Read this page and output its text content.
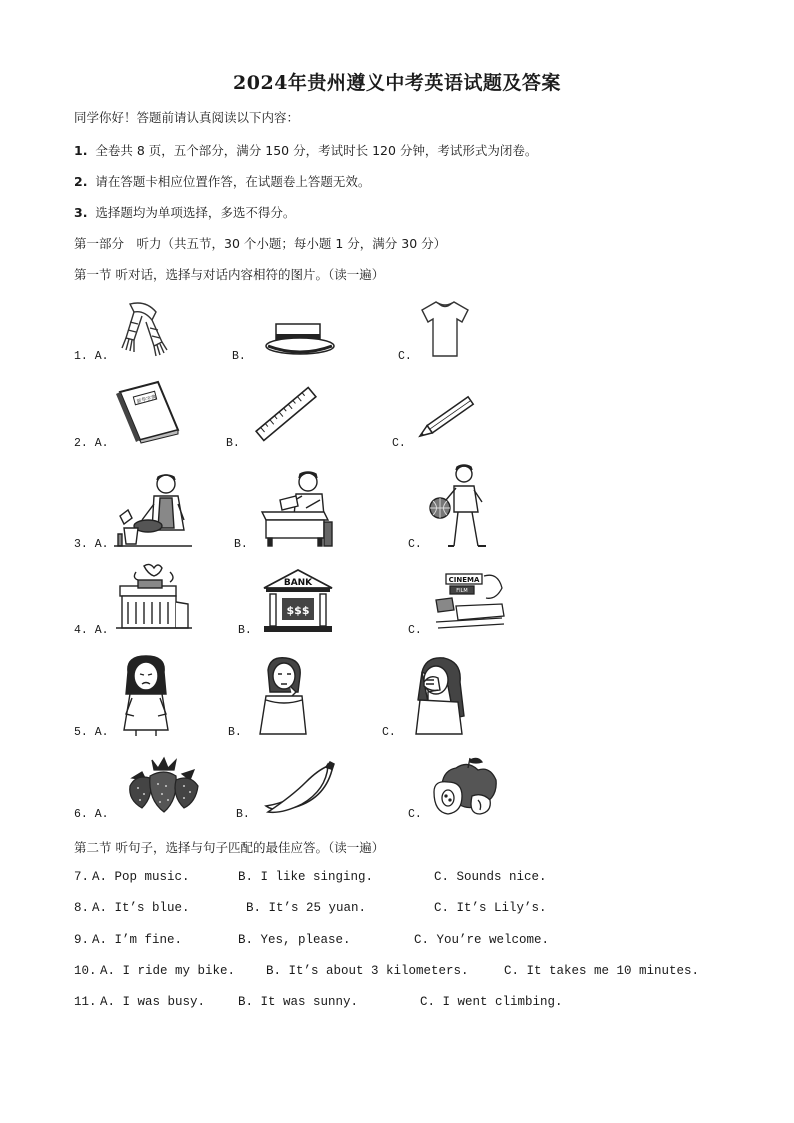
2024年贵州遵义中考英语试题及答案
同学你好！答题前请认真阅读以下内容：
1. 全卷共 8 页，五个部分，满分 150 分，考试时长 120 分钟，考试形式为闭卷。
2. 请在答题卡相应位置作答，在试题卷上答题无效。
3. 选择题均为单项选择，多选不得分。
第一部分　听力（共五节，30 个小题；每小题 1 分，满分 30 分）
第一节 听对话，选择与对话内容相符的图片。（读一遍）
1. A.	B.	C.
2. A.	B.	C.
新华字典
3. A.	B.	C.
4. A.	B.	C.
BANK
$$$
CINEMA
FILM
5. A.	B.	C.
6. A.	B.	C.
第二节 听句子，选择与句子匹配的最佳应答。（读一遍）
7. A. Pop music.	B. I like singing.	C. Sounds nice.
8. A. It’s blue.	B. It’s 25 yuan.	C. It’s Lily’s.
9. A. I’m fine.	B. Yes, please.	C. You’re welcome.
10. A. I ride my bike. B. It’s about 3 kilometers.	C. It takes me 10 minutes.
11. A. I was busy.	B. It was sunny.	C. I went climbing.
